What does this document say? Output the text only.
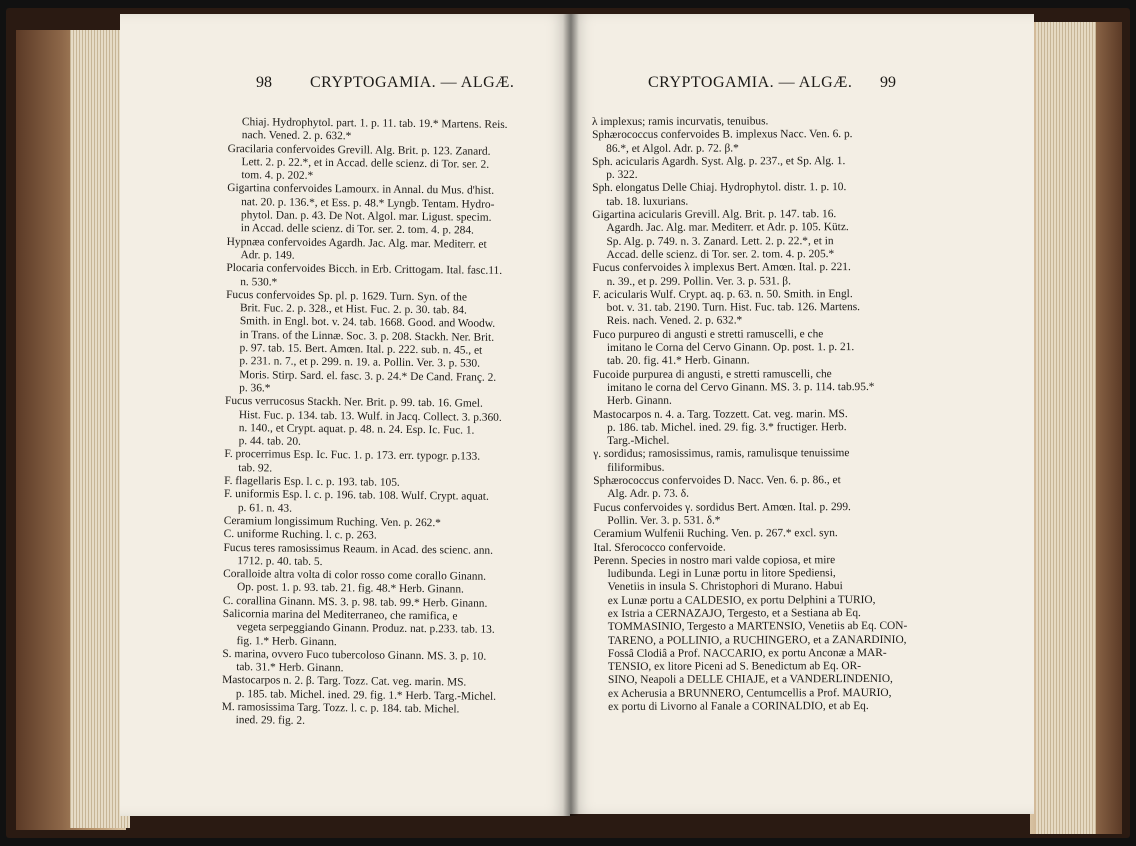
98 CRYPTOGAMIA. — ALGÆ.
Chiaj. Hydrophytol. part. 1. p. 11. tab. 19.* Martens. Reis.
nach. Vened. 2. p. 632.*
Gracilaria confervoides Grevill. Alg. Brit. p. 123. Zanard.
Lett. 2. p. 22.*, et in Accad. delle scienz. di Tor. ser. 2.
tom. 4. p. 202.*
Gigartina confervoides Lamourx. in Annal. du Mus. d'hist.
nat. 20. p. 136.*, et Ess. p. 48.* Lyngb. Tentam. Hydro-
phytol. Dan. p. 43. De Not. Algol. mar. Ligust. specim.
in Accad. delle scienz. di Tor. ser. 2. tom. 4. p. 284.
Hypnæa confervoides Agardh. Jac. Alg. mar. Mediterr. et
Adr. p. 149.
Plocaria confervoides Bicch. in Erb. Crittogam. Ital. fasc.11.
n. 530.*
Fucus confervoides Sp. pl. p. 1629. Turn. Syn. of the
Brit. Fuc. 2. p. 328., et Hist. Fuc. 2. p. 30. tab. 84.
Smith. in Engl. bot. v. 24. tab. 1668. Good. and Woodw.
in Trans. of the Linnæ. Soc. 3. p. 208. Stackh. Ner. Brit.
p. 97. tab. 15. Bert. Amœn. Ital. p. 222. sub. n. 45., et
p. 231. n. 7., et p. 299. n. 19. a. Pollin. Ver. 3. p. 530.
Moris. Stirp. Sard. el. fasc. 3. p. 24.* De Cand. Franç. 2.
p. 36.*
Fucus verrucosus Stackh. Ner. Brit. p. 99. tab. 16. Gmel.
Hist. Fuc. p. 134. tab. 13. Wulf. in Jacq. Collect. 3. p.360.
n. 140., et Crypt. aquat. p. 48. n. 24. Esp. Ic. Fuc. 1.
p. 44. tab. 20.
F. procerrimus Esp. Ic. Fuc. 1. p. 173. err. typogr. p.133.
tab. 92.
F. flagellaris Esp. l. c. p. 193. tab. 105.
F. uniformis Esp. l. c. p. 196. tab. 108. Wulf. Crypt. aquat.
p. 61. n. 43.
Ceramium longissimum Ruching. Ven. p. 262.*
C. uniforme Ruching. l. c. p. 263.
Fucus teres ramosissimus Reaum. in Acad. des scienc. ann.
1712. p. 40. tab. 5.
Coralloide altra volta di color rosso come corallo Ginann.
Op. post. 1. p. 93. tab. 21. fig. 48.* Herb. Ginann.
C. corallina Ginann. MS. 3. p. 98. tab. 99.* Herb. Ginann.
Salicornia marina del Mediterraneo, che ramifica, e
vegeta serpeggiando Ginann. Produz. nat. p.233. tab. 13.
fig. 1.* Herb. Ginann.
S. marina, ovvero Fuco tubercoloso Ginann. MS. 3. p. 10.
tab. 31.* Herb. Ginann.
Mastocarpos n. 2. β. Targ. Tozz. Cat. veg. marin. MS.
p. 185. tab. Michel. ined. 29. fig. 1.* Herb. Targ.-Michel.
M. ramosissima Targ. Tozz. l. c. p. 184. tab. Michel.
ined. 29. fig. 2.
CRYPTOGAMIA. — ALGÆ. 99
λ implexus; ramis incurvatis, tenuibus.
Sphærococcus confervoides B. implexus Nacc. Ven. 6. p.
86.*, et Algol. Adr. p. 72. β.*
Sph. acicularis Agardh. Syst. Alg. p. 237., et Sp. Alg. 1.
p. 322.
Sph. elongatus Delle Chiaj. Hydrophytol. distr. 1. p. 10.
tab. 18. luxurians.
Gigartina acicularis Grevill. Alg. Brit. p. 147. tab. 16.
Agardh. Jac. Alg. mar. Mediterr. et Adr. p. 105. Kütz.
Sp. Alg. p. 749. n. 3. Zanard. Lett. 2. p. 22.*, et in
Accad. delle scienz. di Tor. ser. 2. tom. 4. p. 205.*
Fucus confervoides λ implexus Bert. Amœn. Ital. p. 221.
n. 39., et p. 299. Pollin. Ver. 3. p. 531. β.
F. acicularis Wulf. Crypt. aq. p. 63. n. 50. Smith. in Engl.
bot. v. 31. tab. 2190. Turn. Hist. Fuc. tab. 126. Martens.
Reis. nach. Vened. 2. p. 632.*
Fuco purpureo di angusti e stretti ramuscelli, e che
imitano le Corna del Cervo Ginann. Op. post. 1. p. 21.
tab. 20. fig. 41.* Herb. Ginann.
Fucoide purpurea di angusti, e stretti ramuscelli, che
imitano le corna del Cervo Ginann. MS. 3. p. 114. tab.95.*
Herb. Ginann.
Mastocarpos n. 4. a. Targ. Tozzett. Cat. veg. marin. MS.
p. 186. tab. Michel. ined. 29. fig. 3.* fructiger. Herb.
Targ.-Michel.
γ. sordidus; ramosissimus, ramis, ramulisque tenuissime
filiformibus.
Sphærococcus confervoides D. Nacc. Ven. 6. p. 86., et
Alg. Adr. p. 73. δ.
Fucus confervoides γ. sordidus Bert. Amœn. Ital. p. 299.
Pollin. Ver. 3. p. 531. δ.*
Ceramium Wulfenii Ruching. Ven. p. 267.* excl. syn.
Ital. Sferococco confervoide.
Perenn. Species in nostro mari valde copiosa, et mire
ludibunda. Legi in Lunæ portu in litore Spediensi,
Venetiis in insula S. Christophori di Murano. Habui
ex Lunæ portu a CALDESIO, ex portu Delphini a TURIO,
ex Istria a CERNAZAJO, Tergesto, et a Sestiana ab Eq.
TOMMASINIO, Tergesto a MARTENSIO, Venetiis ab Eq. CON-
TARENO, a POLLINIO, a RUCHINGERO, et a ZANARDINIO,
Fossâ Clodiâ a Prof. NACCARIO, ex portu Anconæ a MAR-
TENSIO, ex litore Piceni ad S. Benedictum ab Eq. OR-
SINO, Neapoli a DELLE CHIAJE, et a VANDERLINDENIO,
ex Acherusia a BRUNNERO, Centumcellis a Prof. MAURIO,
ex portu di Livorno al Fanale a CORINALDIO, et ab Eq.
